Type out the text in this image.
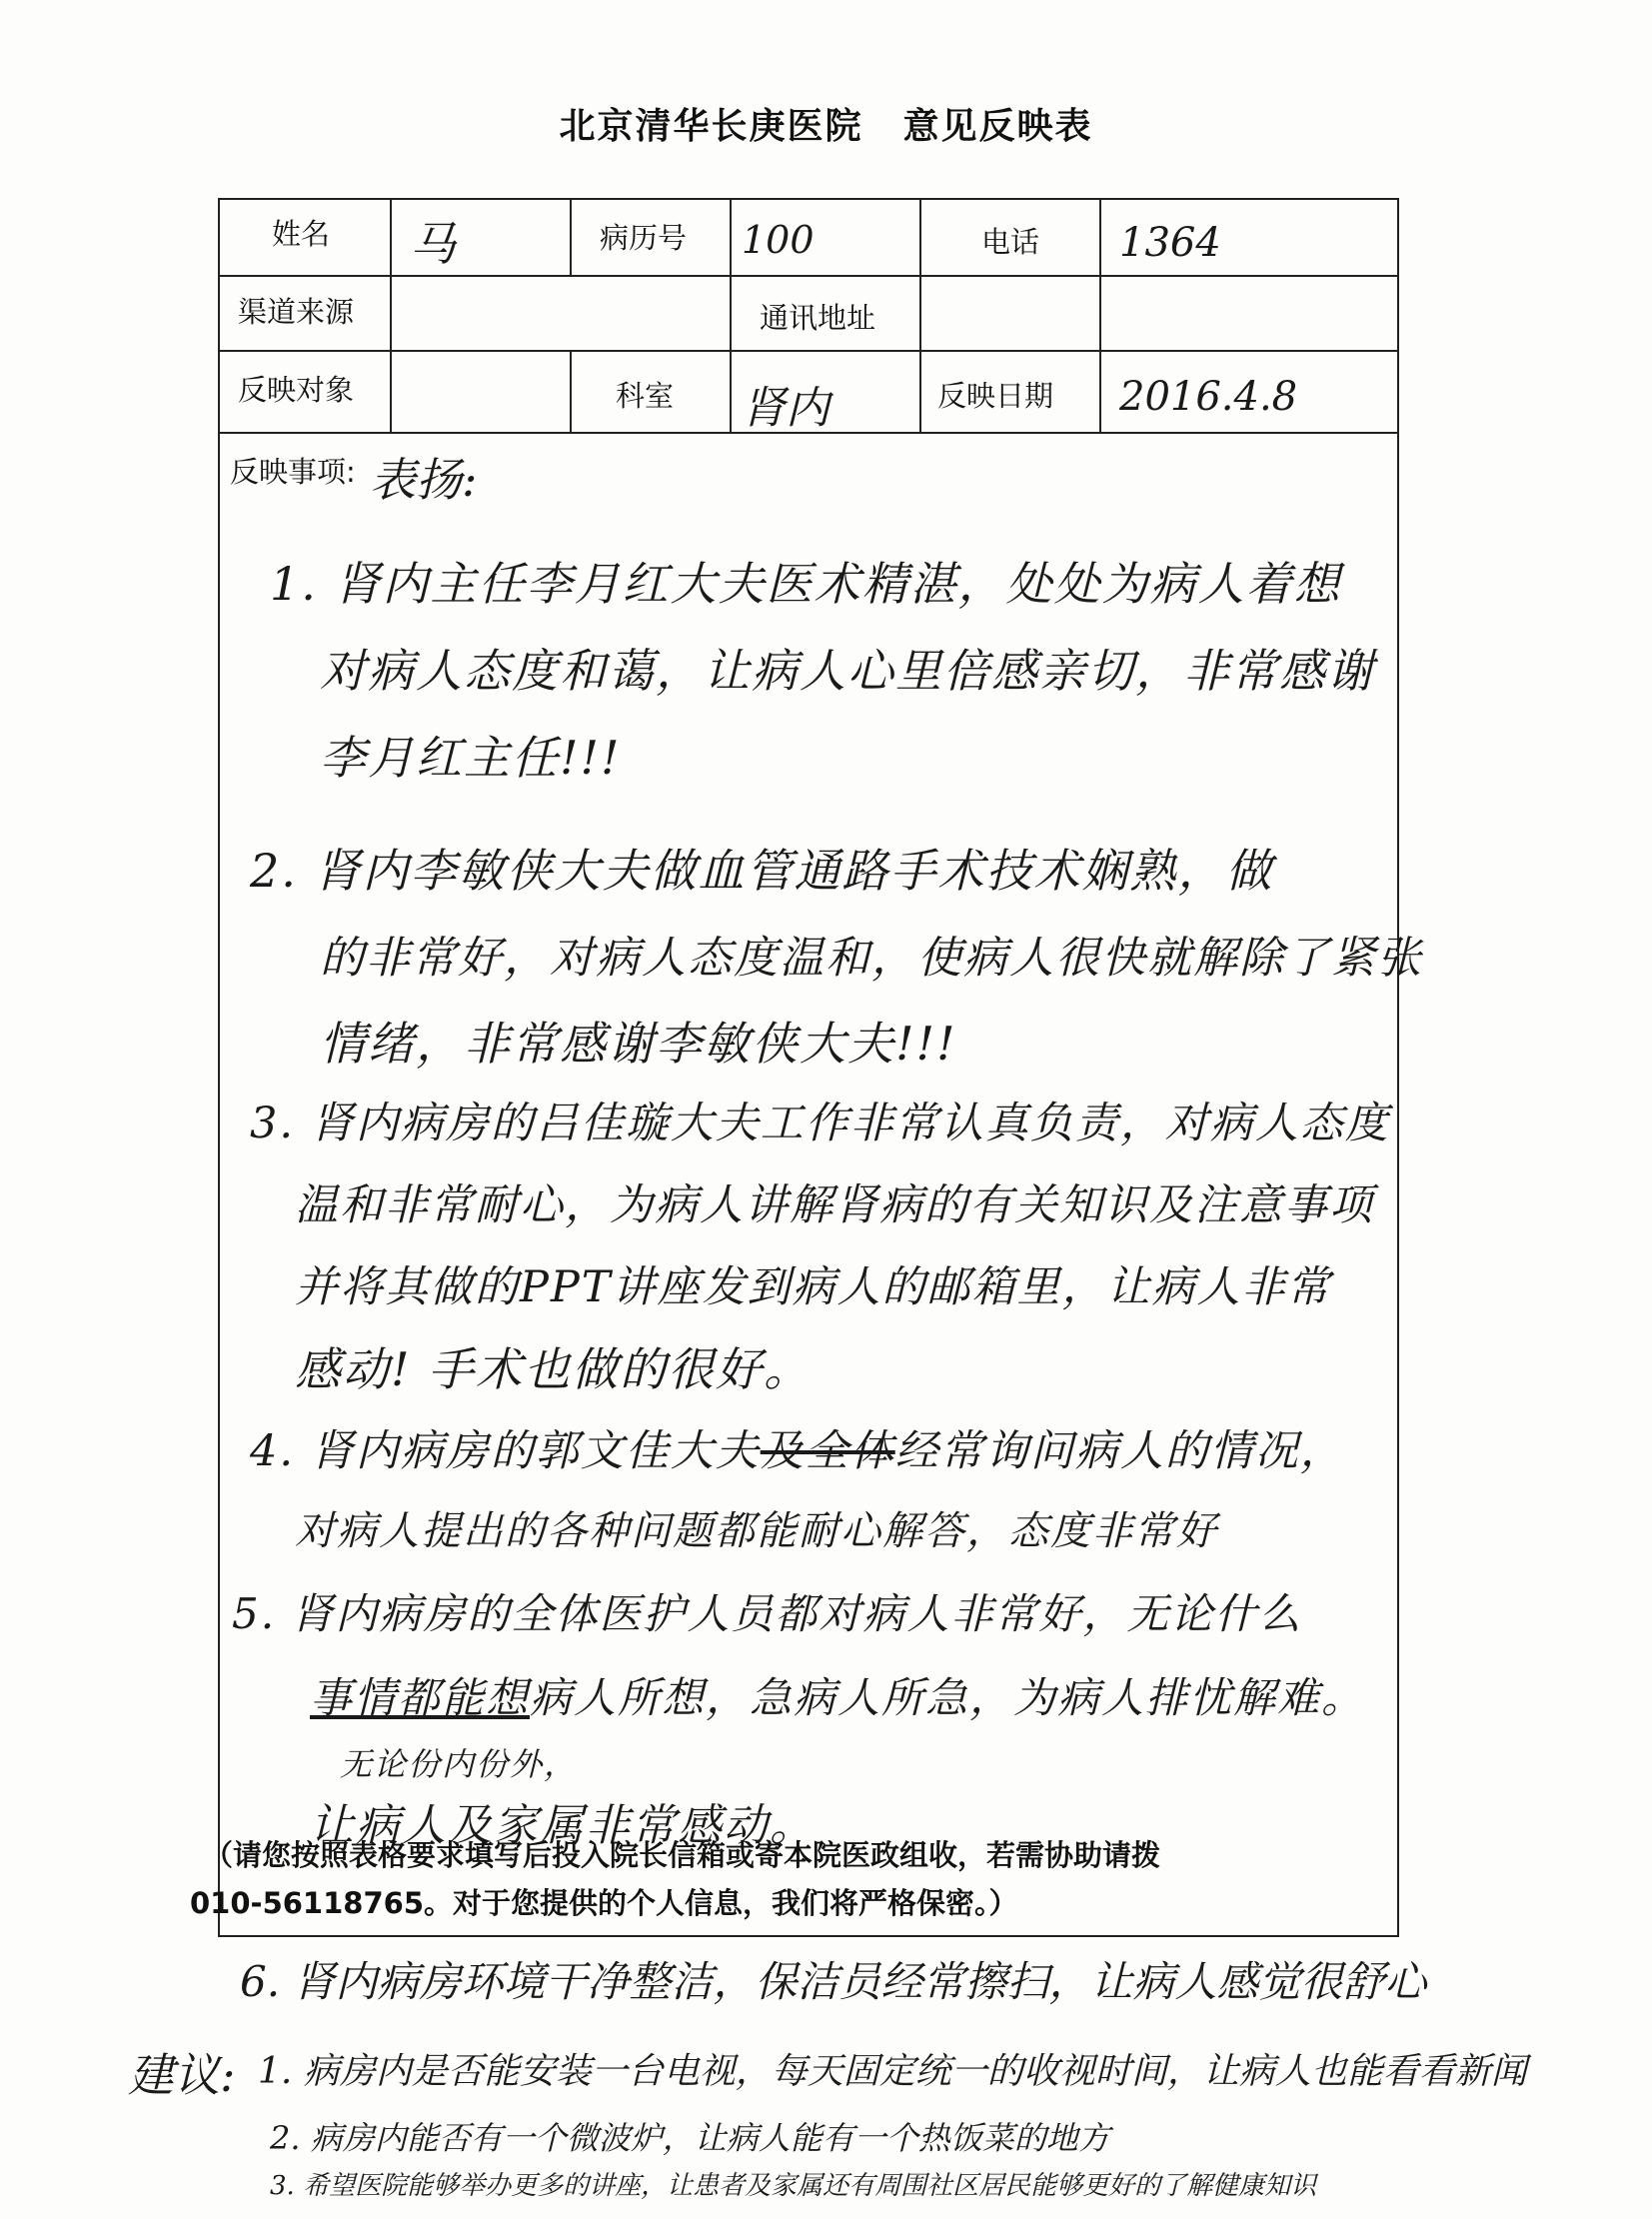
北京清华长庚医院 意见反映表
姓名 马	病历号 100	电话 1364
渠道来源	通讯地址
反映对象	科室 肾内	反映日期 2016.4.8
反映事项: 表扬:
1. 肾内主任李月红大夫医术精湛，处处为病人着想
对病人态度和蔼，让病人心里倍感亲切，非常感谢
李月红主任!!!
2. 肾内李敏侠大夫做血管通路手术技术娴熟，做
的非常好，对病人态度温和，使病人很快就解除了紧张
情绪，非常感谢李敏侠大夫!!!
3. 肾内病房的吕佳璇大夫工作非常认真负责，对病人态度
温和非常耐心，为病人讲解肾病的有关知识及注意事项
并将其做的PPT讲座发到病人的邮箱里，让病人非常
感动! 手术也做的很好。
4. 肾内病房的郭文佳大夫及全体经常询问病人的情况，
对病人提出的各种问题都能耐心解答，态度非常好
5. 肾内病房的全体医护人员都对病人非常好，无论什么
事情都能想病人所想，急病人所急，为病人排忧解难。
无论份内份外，
让病人及家属非常感动。
（请您按照表格要求填写后投入院长信箱或寄本院医政组收，若需协助请拨
010-56118765。对于您提供的个人信息，我们将严格保密。）
6. 肾内病房环境干净整洁，保洁员经常擦扫，让病人感觉很舒心
建议: 1. 病房内是否能安装一台电视，每天固定统一的收视时间，让病人也能看看新闻
2. 病房内能否有一个微波炉，让病人能有一个热饭菜的地方
3. 希望医院能够举办更多的讲座，让患者及家属还有周围社区居民能够更好的了解健康知识
